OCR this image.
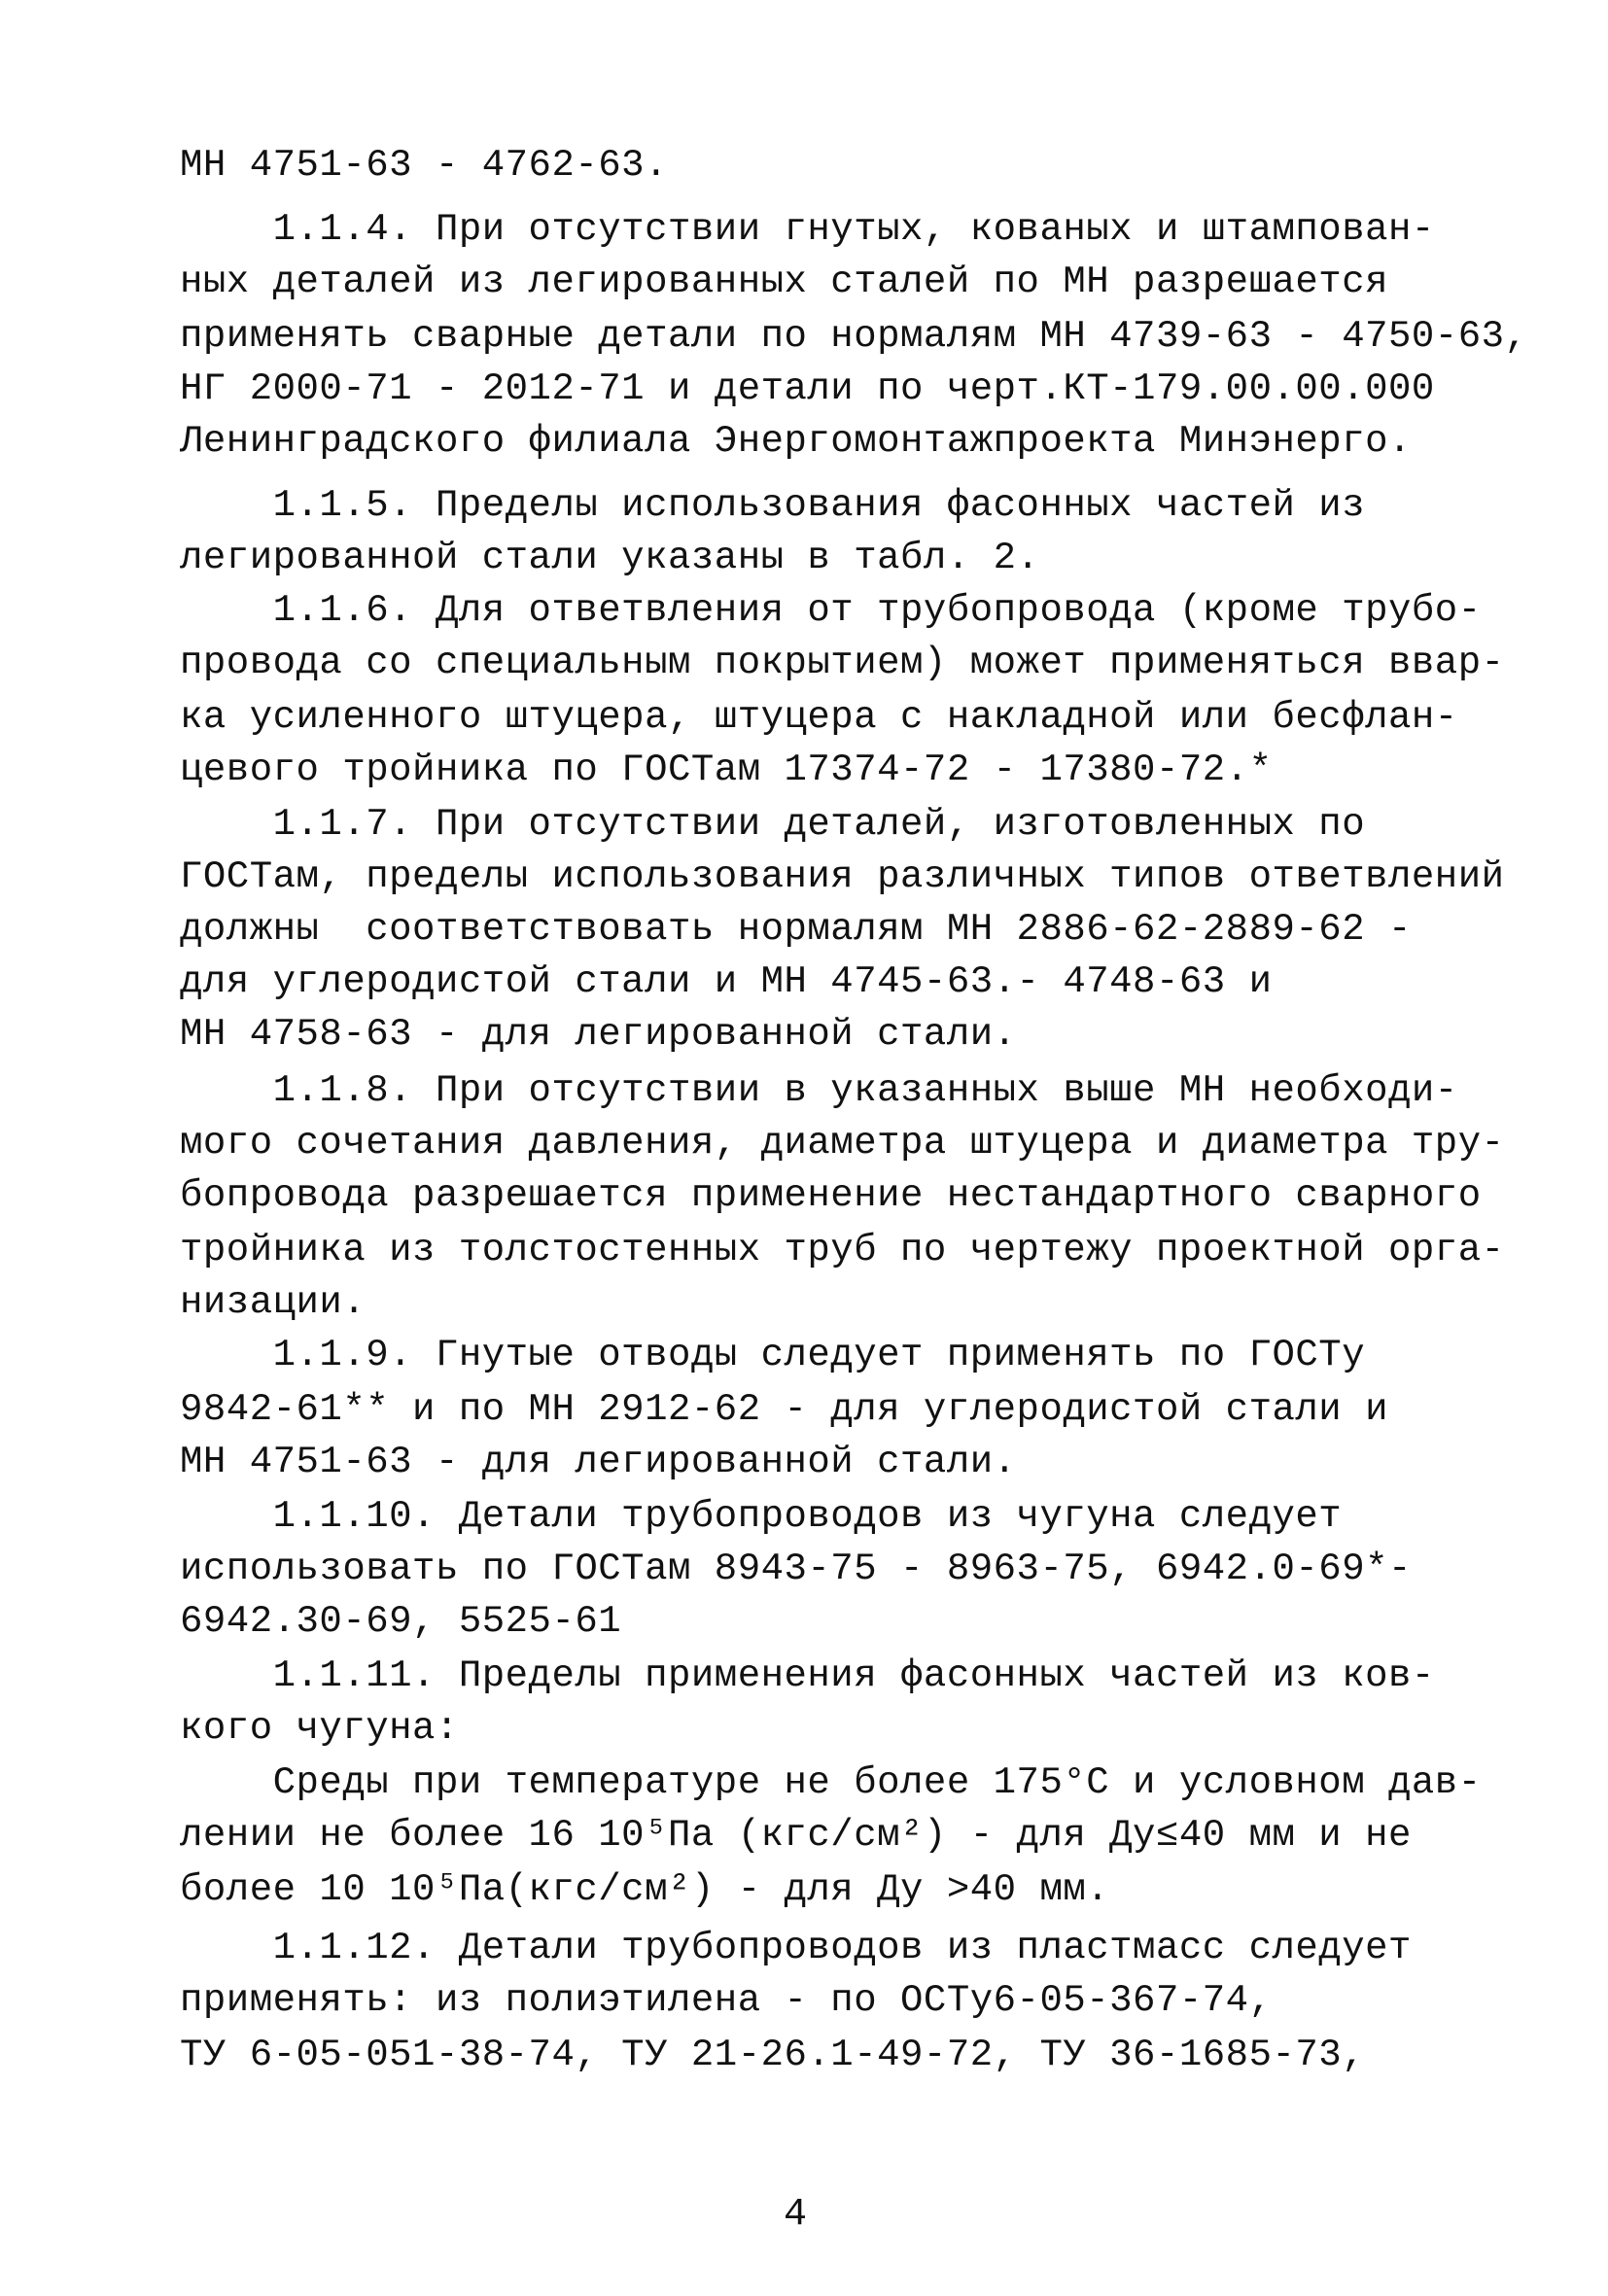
МН 4751-63 - 4762-63.
1.1.4. При отсутствии гнутых, кованых и штампован-
ных деталей из легированных сталей по МН разрешается
применять сварные детали по нормалям МН 4739-63 - 4750-63,
НГ 2000-71 - 2012-71 и детали по черт.КТ-179.00.00.000
Ленинградского филиала Энергомонтажпроекта Минэнерго.
1.1.5. Пределы использования фасонных частей из
легированной стали указаны в табл. 2.
1.1.6. Для ответвления от трубопровода (кроме трубо-
провода со специальным покрытием) может применяться ввар-
ка усиленного штуцера, штуцера с накладной или бесфлан-
цевого тройника по ГОСТам 17374-72 - 17380-72.*
1.1.7. При отсутствии деталей, изготовленных по
ГОСТам, пределы использования различных типов ответвлений
должны  соответствовать нормалям МН 2886-62-2889-62 -
для углеродистой стали и МН 4745-63.- 4748-63 и
МН 4758-63 - для легированной стали.
1.1.8. При отсутствии в указанных выше МН необходи-
мого сочетания давления, диаметра штуцера и диаметра тру-
бопровода разрешается применение нестандартного сварного
тройника из толстостенных труб по чертежу проектной орга-
низации.
1.1.9. Гнутые отводы следует применять по ГОСТу
9842-61** и по МН 2912-62 - для углеродистой стали и
МН 4751-63 - для легированной стали.
1.1.10. Детали трубопроводов из чугуна следует
использовать по ГОСТам 8943-75 - 8963-75, 6942.0-69*-
6942.30-69, 5525-61
1.1.11. Пределы применения фасонных частей из ков-
кого чугуна:
Среды при температуре не более 175°С и условном дав-
лении не более 16 10⁵Па (кгс/см²) - для Ду≤40 мм и не
более 10 10⁵Па(кгс/см²) - для Ду >40 мм.
1.1.12. Детали трубопроводов из пластмасс следует
применять: из полиэтилена - по ОСТу6-05-367-74,
ТУ 6-05-051-38-74, ТУ 21-26.1-49-72, ТУ 36-1685-73,
4
